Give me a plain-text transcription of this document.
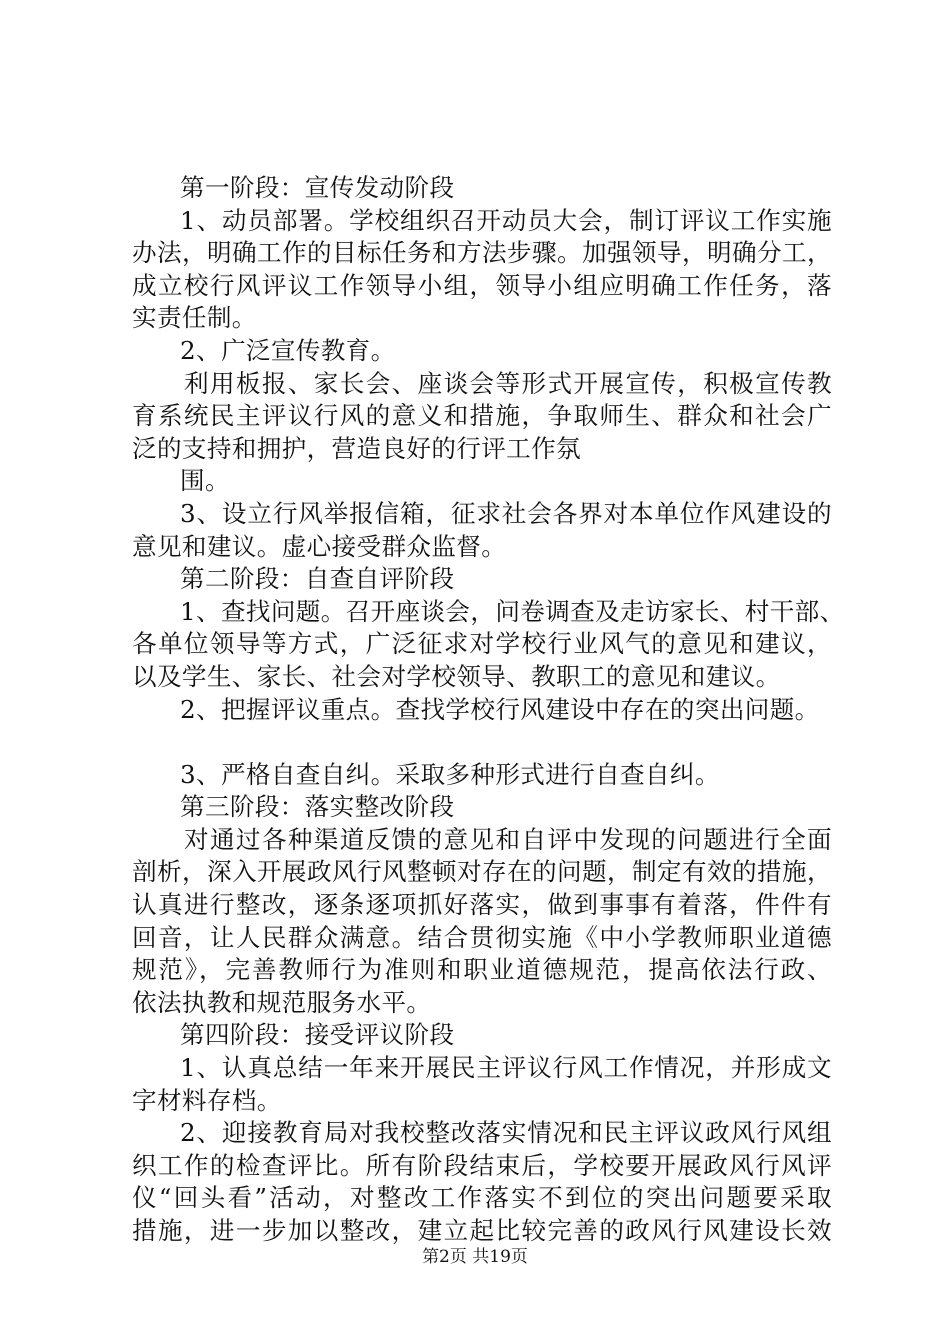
第一阶段：宣传发动阶段
1、动员部署。学校组织召开动员大会，制订评议工作实施
办法，明确工作的目标任务和方法步骤。加强领导，明确分工，
成立校行风评议工作领导小组，领导小组应明确工作任务，落
实责任制。
2、广泛宣传教育。
利用板报、家长会、座谈会等形式开展宣传，积极宣传教
育系统民主评议行风的意义和措施，争取师生、群众和社会广
泛的支持和拥护，营造良好的行评工作氛
围。
3、设立行风举报信箱，征求社会各界对本单位作风建设的
意见和建议。虚心接受群众监督。
第二阶段：自查自评阶段
1、查找问题。召开座谈会，问卷调查及走访家长、村干部、
各单位领导等方式，广泛征求对学校行业风气的意见和建议，
以及学生、家长、社会对学校领导、教职工的意见和建议。
2、把握评议重点。查找学校行风建设中存在的突出问题。
3、严格自查自纠。采取多种形式进行自查自纠。
第三阶段：落实整改阶段
对通过各种渠道反馈的意见和自评中发现的问题进行全面
剖析，深入开展政风行风整顿对存在的问题，制定有效的措施，
认真进行整改，逐条逐项抓好落实，做到事事有着落，件件有
回音，让人民群众满意。结合贯彻实施《中小学教师职业道德
规范》，完善教师行为准则和职业道德规范，提高依法行政、
依法执教和规范服务水平。
第四阶段：接受评议阶段
1、认真总结一年来开展民主评议行风工作情况，并形成文
字材料存档。
2、迎接教育局对我校整改落实情况和民主评议政风行风组
织工作的检查评比。所有阶段结束后，学校要开展政风行风评
仪“回头看”活动，对整改工作落实不到位的突出问题要采取
措施，进一步加以整改，建立起比较完善的政风行风建设长效
第2页 共19页
